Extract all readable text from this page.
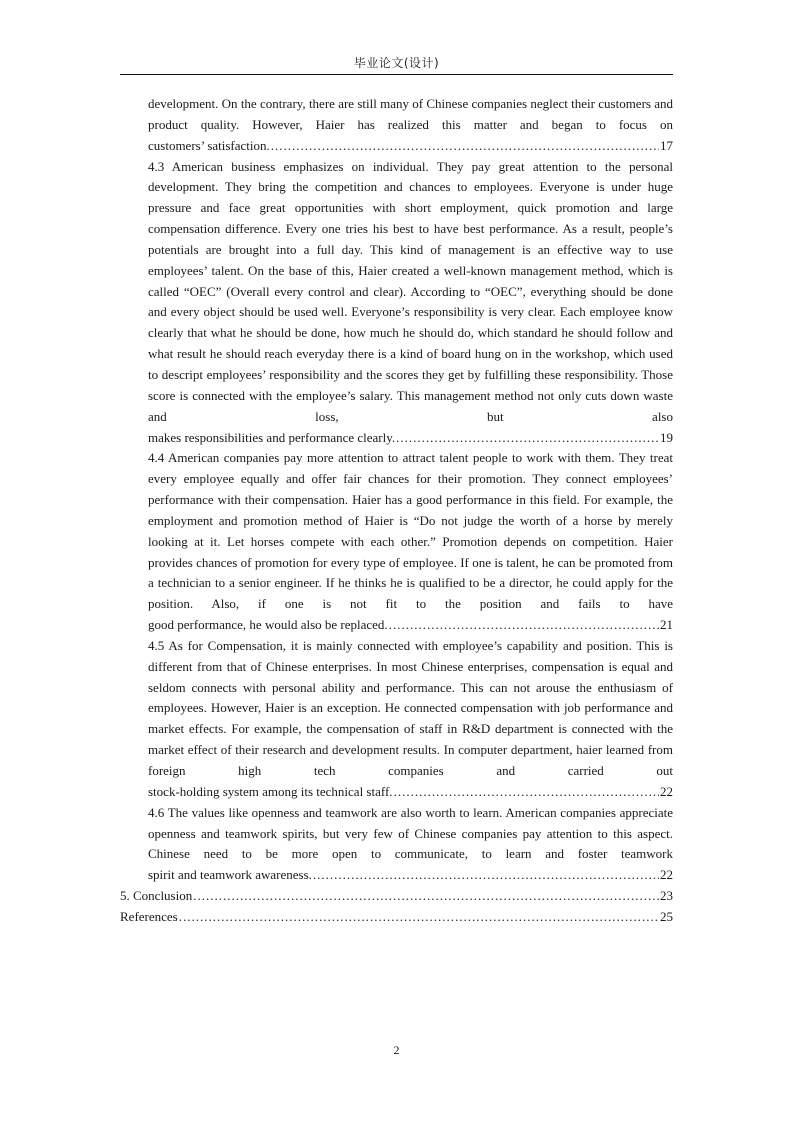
毕业论文(设计)

development. On the contrary, there are still many of Chinese companies neglect their customers and product quality. However, Haier has realized this matter and began to focus on

customers’ satisfaction. .....	17

4.3 American business emphasizes on individual. They pay great attention to the personal development. They bring the competition and chances to employees. Everyone is under huge pressure and face great opportunities with short employment, quick promotion and large compensation difference. Every one tries his best to have best performance. As a result, people’s potentials are brought into a full day. This kind of management is an effective way to use employees’ talent. On the base of this, Haier created a well-known management method, which is called “OEC” (Overall every control and clear). According to “OEC”, everything should be done and every object should be used well. Everyone’s responsibility is very clear. Each employee know clearly that what he should be done, how much he should do, which standard he should follow and what result he should reach everyday there is a kind of board hung on in the workshop, which used to descript employees’ responsibility and the scores they get by fulfilling these responsibility. Those score is connected with the employee’s salary. This management method not only cuts down waste and loss, but also

makes responsibilities and performance clearly. .....	19

4.4 American companies pay more attention to attract talent people to work with them. They treat every employee equally and offer fair chances for their promotion. They connect employees’ performance with their compensation. Haier has a good performance in this field. For example, the employment and promotion method of Haier is “Do not judge the worth of a horse by merely looking at it. Let horses compete with each other.” Promotion depends on competition. Haier provides chances of promotion for every type of employee. If one is talent, he can be promoted from a technician to a senior engineer. If he thinks he is qualified to be a director, he could apply for the position. Also, if one is not fit to the position and fails to have

good performance, he would also be replaced. .....	21

4.5 As for Compensation, it is mainly connected with employee’s capability and position. This is different from that of Chinese enterprises. In most Chinese enterprises, compensation is equal and seldom connects with personal ability and performance. This can not arouse the enthusiasm of employees. However, Haier is an exception. He connected compensation with job performance and market effects. For example, the compensation of staff in R&D department is connected with the market effect of their research and development results. In computer department, haier learned from foreign high tech companies and carried out

stock-holding system among its technical staff. .....	22

4.6 The values like openness and teamwork are also worth to learn. American companies appreciate openness and teamwork spirits, but very few of Chinese companies pay attention to this aspect. Chinese need to be more open to communicate, to learn and foster teamwork

spirit and teamwork awareness. .....	22
5. Conclusion .....	23
References .....	25
2
